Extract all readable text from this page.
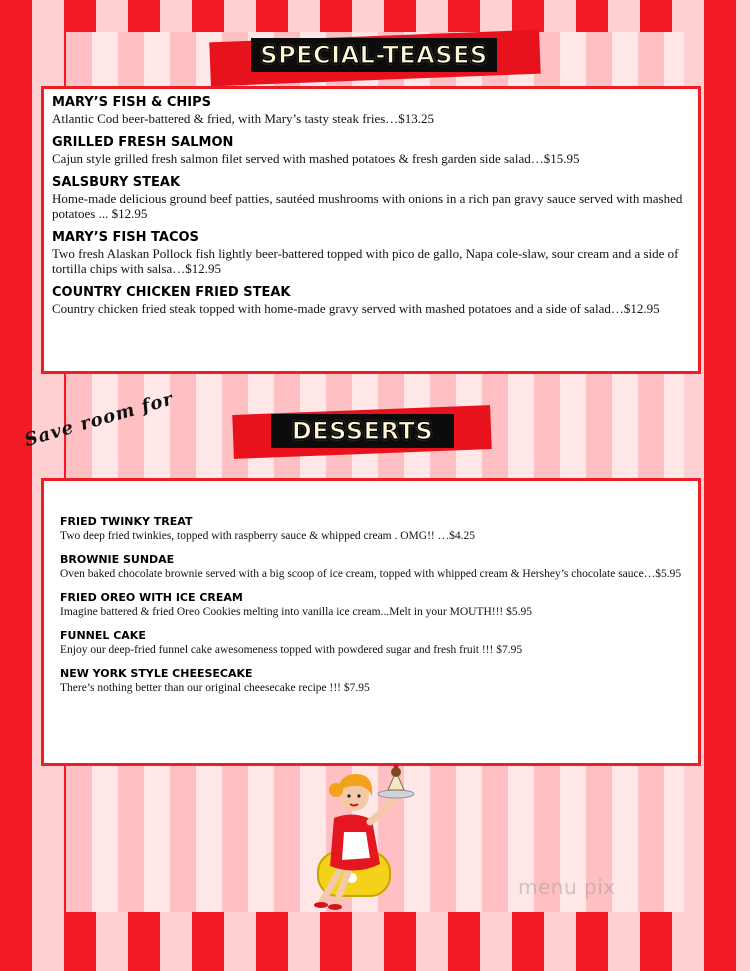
SPECIAL-TEASES

MARY’S FISH & CHIPS

Atlantic Cod beer-battered & fried, with Mary’s tasty steak fries…$13.25

GRILLED FRESH SALMON

Cajun style grilled fresh salmon filet served with mashed potatoes & fresh garden side salad…$15.95

SALSBURY STEAK

Home-made delicious ground beef patties, sautéed mushrooms with onions in a rich pan gravy sauce served with mashed potatoes ... $12.95

MARY’S FISH TACOS

Two fresh Alaskan Pollock fish lightly beer-battered topped with pico de gallo, Napa cole-slaw, sour cream and a side of tortilla chips with salsa…$12.95

COUNTRY CHICKEN FRIED STEAK

Country chicken fried steak topped with home-made gravy served with mashed potatoes and a side of salad…$12.95

Save room for	DESSERTS

FRIED TWINKY TREAT

Two deep fried twinkies, topped with raspberry sauce & whipped cream . OMG!! …$4.25

BROWNIE SUNDAE

Oven baked chocolate brownie served with a big scoop of ice cream, topped with whipped cream & Hershey’s chocolate sauce…$5.95

FRIED OREO WITH ICE CREAM

Imagine battered & fried Oreo Cookies melting into vanilla ice cream...Melt in your MOUTH!!! $5.95

FUNNEL CAKE

Enjoy our deep-fried funnel cake awesomeness topped with powdered sugar and fresh fruit !!! $7.95

NEW YORK STYLE CHEESECAKE

There’s nothing better than our original cheesecake recipe !!! $7.95

menu pix
